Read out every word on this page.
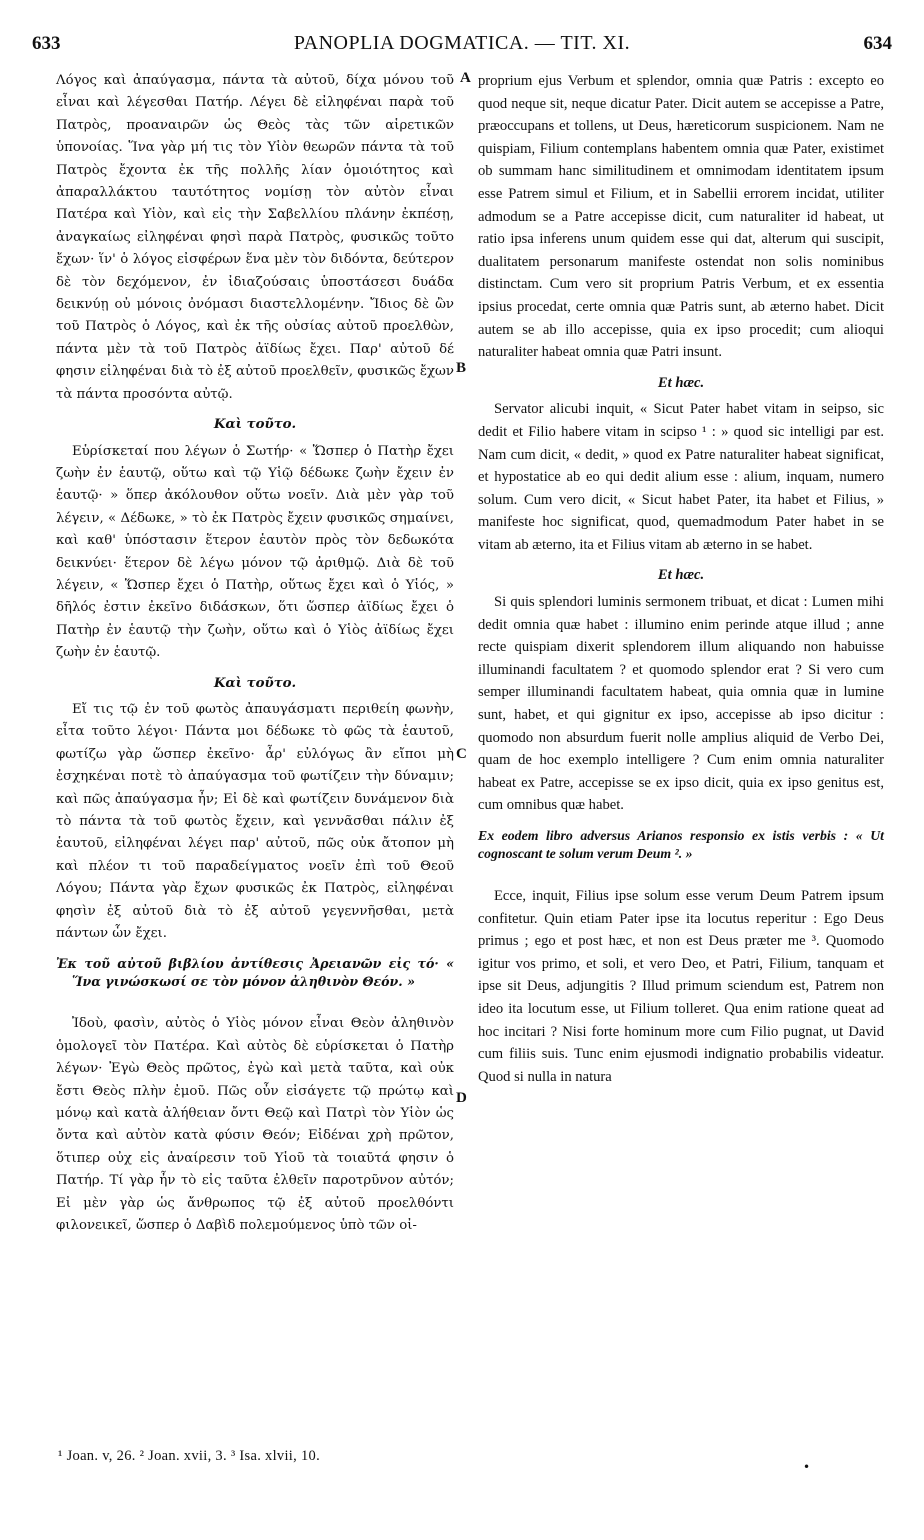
633	PANOPLIA DOGMATICA. — TIT. XI.	634

Λόγος καὶ ἀπαύγασμα, πάντα τὰ αὐτοῦ, δίχα μόνου τοῦ εἶναι καὶ λέγεσθαι Πατήρ. Λέγει δὲ εἰληφέναι παρὰ τοῦ Πατρὸς, προαναιρῶν ὡς Θεὸς τὰς τῶν αἱρετικῶν ὑπονοίας. Ἵνα γὰρ μή τις τὸν Υἱὸν θεωρῶν πάντα τὰ τοῦ Πατρὸς ἔχοντα ἐκ τῆς πολλῆς λίαν ὁμοιότητος καὶ ἀπαραλλάκτου ταυτότητος νομίσῃ τὸν αὐτὸν εἶναι Πατέρα καὶ Υἱὸν, καὶ εἰς τὴν Σαβελλίου πλάνην ἐκπέσῃ, ἀναγκαίως εἰληφέναι φησὶ παρὰ Πατρὸς, φυσικῶς τοῦτο ἔχων· ἵν' ὁ λόγος εἰσφέρων ἕνα μὲν τὸν διδόντα, δεύτερον δὲ τὸν δεχόμενον, ἐν ἰδιαζούσαις ὑποστάσεσι δυάδα δεικνύῃ οὐ μόνοις ὀνόμασι διαστελλομένην. Ἴδιος δὲ ὢν τοῦ Πατρὸς ὁ Λόγος, καὶ ἐκ τῆς οὐσίας αὐτοῦ προελθὼν, πάντα μὲν τὰ τοῦ Πατρὸς ἀϊδίως ἔχει. Παρ' αὐτοῦ δέ φησιν εἰληφέναι διὰ τὸ ἐξ αὐτοῦ προελθεῖν, φυσικῶς ἔχων τὰ πάντα προσόντα αὐτῷ.

Καὶ τοῦτο.

Εὑρίσκεταί που λέγων ὁ Σωτήρ· « Ὥσπερ ὁ Πατὴρ ἔχει ζωὴν ἐν ἑαυτῷ, οὕτω καὶ τῷ Υἱῷ δέδωκε ζωὴν ἔχειν ἐν ἑαυτῷ· » ὅπερ ἀκόλουθον οὕτω νοεῖν. Διὰ μὲν γὰρ τοῦ λέγειν, « Δέδωκε, » τὸ ἐκ Πατρὸς ἔχειν φυσικῶς σημαίνει, καὶ καθ' ὑπόστασιν ἕτερον ἑαυτὸν πρὸς τὸν δεδωκότα δεικνύει· ἕτερον δὲ λέγω μόνον τῷ ἀριθμῷ. Διὰ δὲ τοῦ λέγειν, « Ὥσπερ ἔχει ὁ Πατὴρ, οὕτως ἔχει καὶ ὁ Υἱός, » δῆλός ἐστιν ἐκεῖνο διδάσκων, ὅτι ὥσπερ ἀϊδίως ἔχει ὁ Πατὴρ ἐν ἑαυτῷ τὴν ζωὴν, οὕτω καὶ ὁ Υἱὸς ἀϊδίως ἔχει ζωὴν ἐν ἑαυτῷ.

Καὶ τοῦτο.

Εἴ τις τῷ ἐν τοῦ φωτὸς ἀπαυγάσματι περιθείη φωνὴν, εἶτα τοῦτο λέγοι· Πάντα μοι δέδωκε τὸ φῶς τὰ ἑαυτοῦ, φωτίζω γὰρ ὥσπερ ἐκεῖνο· ἆρ' εὐλόγως ἂν εἴποι μὴ ἐσχηκέναι ποτὲ τὸ ἀπαύγασμα τοῦ φωτίζειν τὴν δύναμιν; καὶ πῶς ἀπαύγασμα ἦν; Εἰ δὲ καὶ φωτίζειν δυνάμενον διὰ τὸ πάντα τὰ τοῦ φωτὸς ἔχειν, καὶ γεννᾶσθαι πάλιν ἐξ ἑαυτοῦ, εἰληφέναι λέγει παρ' αὐτοῦ, πῶς οὐκ ἄτοπον μὴ καὶ πλέον τι τοῦ παραδείγματος νοεῖν ἐπὶ τοῦ Θεοῦ Λόγου; Πάντα γὰρ ἔχων φυσικῶς ἐκ Πατρὸς, εἰληφέναι φησὶν ἐξ αὐτοῦ διὰ τὸ ἐξ αὐτοῦ γεγεννῆσθαι, μετὰ πάντων ὧν ἔχει.

Ἐκ τοῦ αὐτοῦ βιβλίου ἀντίθεσις Ἀρειανῶν εἰς τό· « Ἵνα γινώσκωσί σε τὸν μόνον ἀληθινὸν Θεόν. »

Ἰδοὺ, φασὶν, αὐτὸς ὁ Υἱὸς μόνον εἶναι Θεὸν ἀληθινὸν ὁμολογεῖ τὸν Πατέρα. Καὶ αὐτὸς δὲ εὑρίσκεται ὁ Πατὴρ λέγων· Ἐγὼ Θεὸς πρῶτος, ἐγὼ καὶ μετὰ ταῦτα, καὶ οὐκ ἔστι Θεὸς πλὴν ἐμοῦ. Πῶς οὖν εἰσάγετε τῷ πρώτῳ καὶ μόνῳ καὶ κατὰ ἀλήθειαν ὄντι Θεῷ καὶ Πατρὶ τὸν Υἱὸν ὡς ὄντα καὶ αὐτὸν κατὰ φύσιν Θεόν; Εἰδέναι χρὴ πρῶτον, ὅτιπερ οὐχ εἰς ἀναίρεσιν τοῦ Υἱοῦ τὰ τοιαῦτά φησιν ὁ Πατήρ. Τί γὰρ ἦν τὸ εἰς ταῦτα ἐλθεῖν παροτρῦνον αὐτόν; Εἰ μὲν γὰρ ὡς ἄνθρωπος τῷ ἐξ αὐτοῦ προελθόντι φιλονεικεῖ, ὥσπερ ὁ Δαβὶδ πολεμούμενος ὑπὸ τῶν οἰ-

proprium ejus Verbum et splendor, omnia quæ Patris : excepto eo quod neque sit, neque dicatur Pater. Dicit autem se accepisse a Patre, præoccupans et tollens, ut Deus, hæreticorum suspicionem. Nam ne quispiam, Filium contemplans habentem omnia quæ Pater, existimet ob summam hanc similitudinem et omnimodam identitatem ipsum esse Patrem simul et Filium, et in Sabellii errorem incidat, utiliter admodum se a Patre accepisse dicit, cum naturaliter id habeat, ut ratio ipsa inferens unum quidem esse qui dat, alterum qui suscipit, dualitatem personarum manifeste ostendat non solis nominibus distinctam. Cum vero sit proprium Patris Verbum, et ex essentia ipsius procedat, certe omnia quæ Patris sunt, ab æterno habet. Dicit autem se ab illo accepisse, quia ex ipso procedit; cum alioqui naturaliter habeat omnia quæ Patri insunt.

Et hæc.

Servator alicubi inquit, « Sicut Pater habet vitam in seipso, sic dedit et Filio habere vitam in scipso ¹ : » quod sic intelligi par est. Nam cum dicit, « dedit, » quod ex Patre naturaliter habeat significat, et hypostatice ab eo qui dedit alium esse : alium, inquam, numero solum. Cum vero dicit, « Sicut habet Pater, ita habet et Filius, » manifeste hoc significat, quod, quemadmodum Pater habet in se vitam ab æterno, ita et Filius vitam ab æterno in se habet.

Et hæc.

Si quis splendori luminis sermonem tribuat, et dicat : Lumen mihi dedit omnia quæ habet : illumino enim perinde atque illud ; anne recte quispiam dixerit splendorem illum aliquando non habuisse illuminandi facultatem ? et quomodo splendor erat ? Si vero cum semper illuminandi facultatem habeat, quia omnia quæ in lumine sunt, habet, et qui gignitur ex ipso, accepisse ab ipso dicitur : quomodo non absurdum fuerit nolle amplius aliquid de Verbo Dei, quam de hoc exemplo intelligere ? Cum enim omnia naturaliter habeat ex Patre, accepisse se ex ipso dicit, quia ex ipso genitus est, cum omnibus quæ habet.

Ex eodem libro adversus Arianos responsio ex istis verbis : « Ut cognoscant te solum verum Deum ². »

Ecce, inquit, Filius ipse solum esse verum Deum Patrem ipsum confitetur. Quin etiam Pater ipse ita locutus reperitur : Ego Deus primus ; ego et post hæc, et non est Deus præter me ³. Quomodo igitur vos primo, et soli, et vero Deo, et Patri, Filium, tanquam et ipse sit Deus, adjungitis ? Illud primum sciendum est, Patrem non ideo ita locutum esse, ut Filium tolleret. Qua enim ratione queat ad hoc incitari ? Nisi forte hominum more cum Filio pugnat, ut David cum filiis suis. Tunc enim ejusmodi indignatio probabilis videatur. Quod si nulla in natura

A
B
C
D
¹ Joan. v, 26. ² Joan. xvii, 3. ³ Isa. xlvii, 10.
•
